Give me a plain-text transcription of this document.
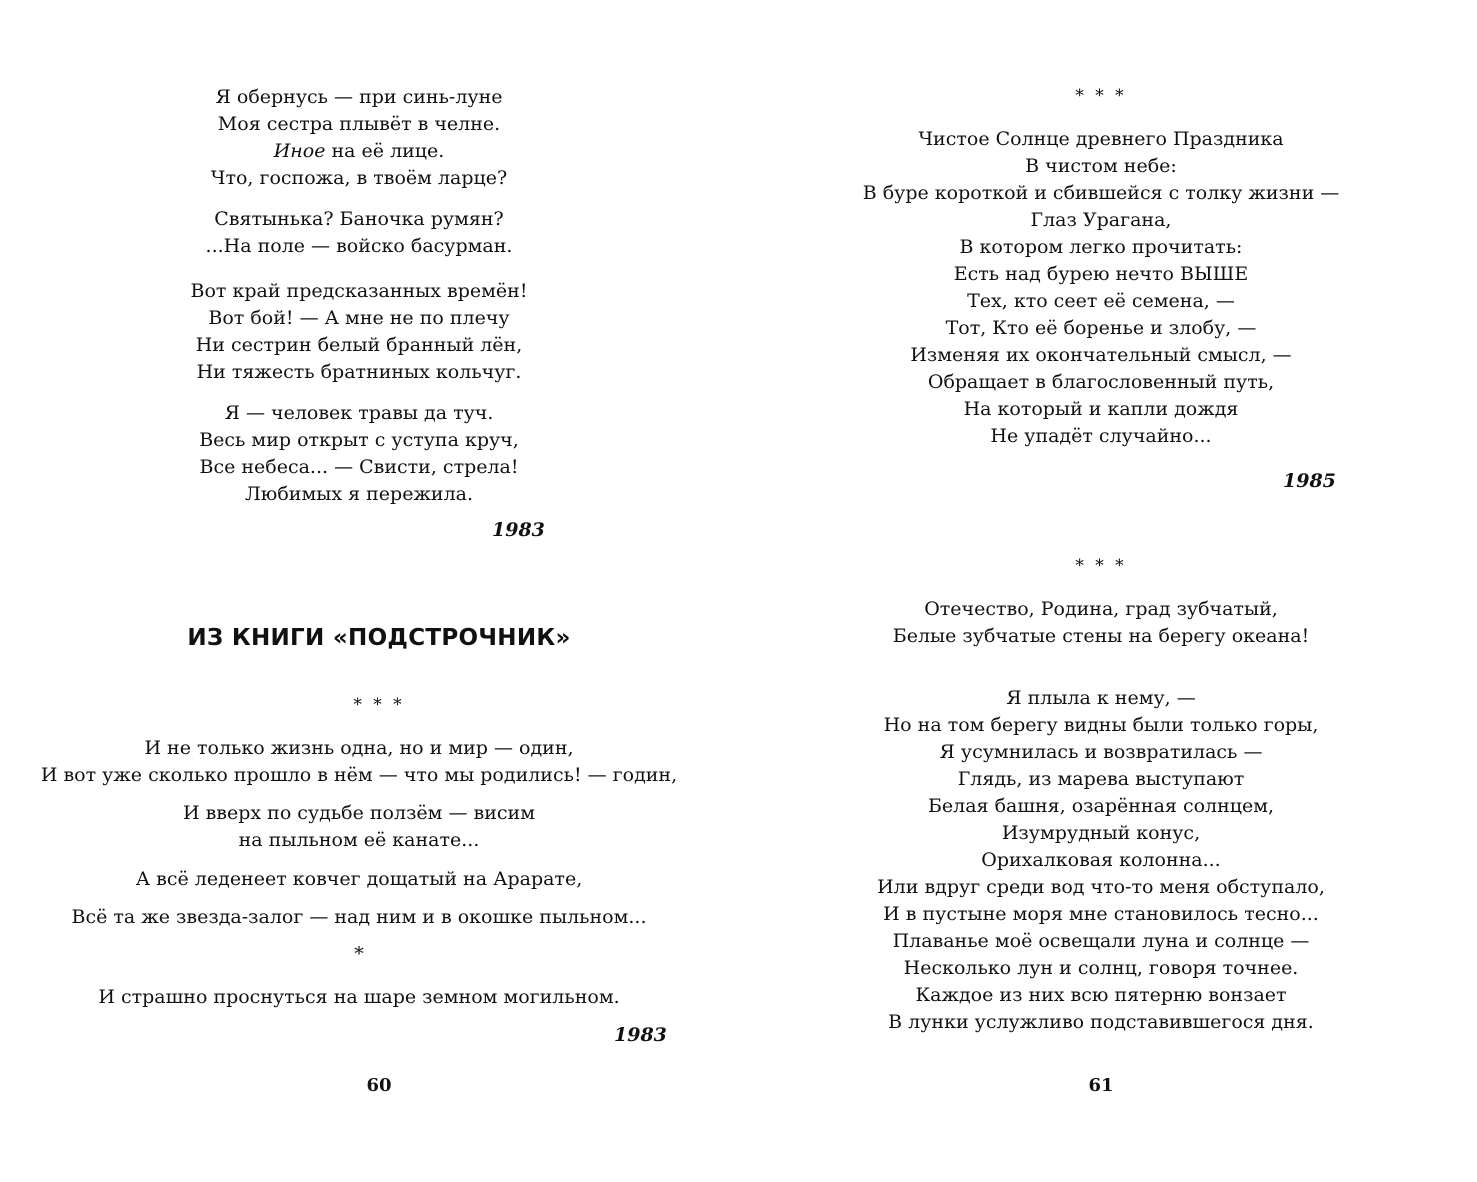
Я обернусь — при синь-луне
Моя сестра плывёт в челне.
Иное на её лице.
Что, госпожа, в твоём ларце?
Святынька? Баночка румян?
...На поле — войско басурман.
Вот край предсказанных времён!
Вот бой! — А мне не по плечу
Ни сестрин белый бранный лён,
Ни тяжесть братниных кольчуг.
Я — человек травы да туч.
Весь мир открыт с уступа круч,
Все небеса... — Свисти, стрела!
Любимых я пережила.
1983
ИЗ КНИГИ «ПОДСТРОЧНИК»
* * *
И не только жизнь одна, но и мир — один,
И вот уже сколько прошло в нём — что мы родились! — годин,
И вверх по судьбе ползём — висим
на пыльном её канате...
А всё леденеет ковчег дощатый на Арарате,
Всё та же звезда-залог — над ним и в окошке пыльном...
*
И страшно проснуться на шаре земном могильном.
1983
60
* * *
Чистое Солнце древнего Праздника
В чистом небе:
В буре короткой и сбившейся с толку жизни —
Глаз Урагана,
В котором легко прочитать:
Есть над бурею нечто ВЫШЕ
Тех, кто сеет её семена, —
Тот, Кто её боренье и злобу, —
Изменяя их окончательный смысл, —
Обращает в благословенный путь,
На который и капли дождя
Не упадёт случайно...
1985
* * *
Отечество, Родина, град зубчатый,
Белые зубчатые стены на берегу океана!
Я плыла к нему, —
Но на том берегу видны были только горы,
Я усумнилась и возвратилась —
Глядь, из марева выступают
Белая башня, озарённая солнцем,
Изумрудный конус,
Орихалковая колонна...
Или вдруг среди вод что-то меня обступало,
И в пустыне моря мне становилось тесно...
Плаванье моё освещали луна и солнце —
Несколько лун и солнц, говоря точнее.
Каждое из них всю пятерню вонзает
В лунки услужливо подставившегося дня.
61
